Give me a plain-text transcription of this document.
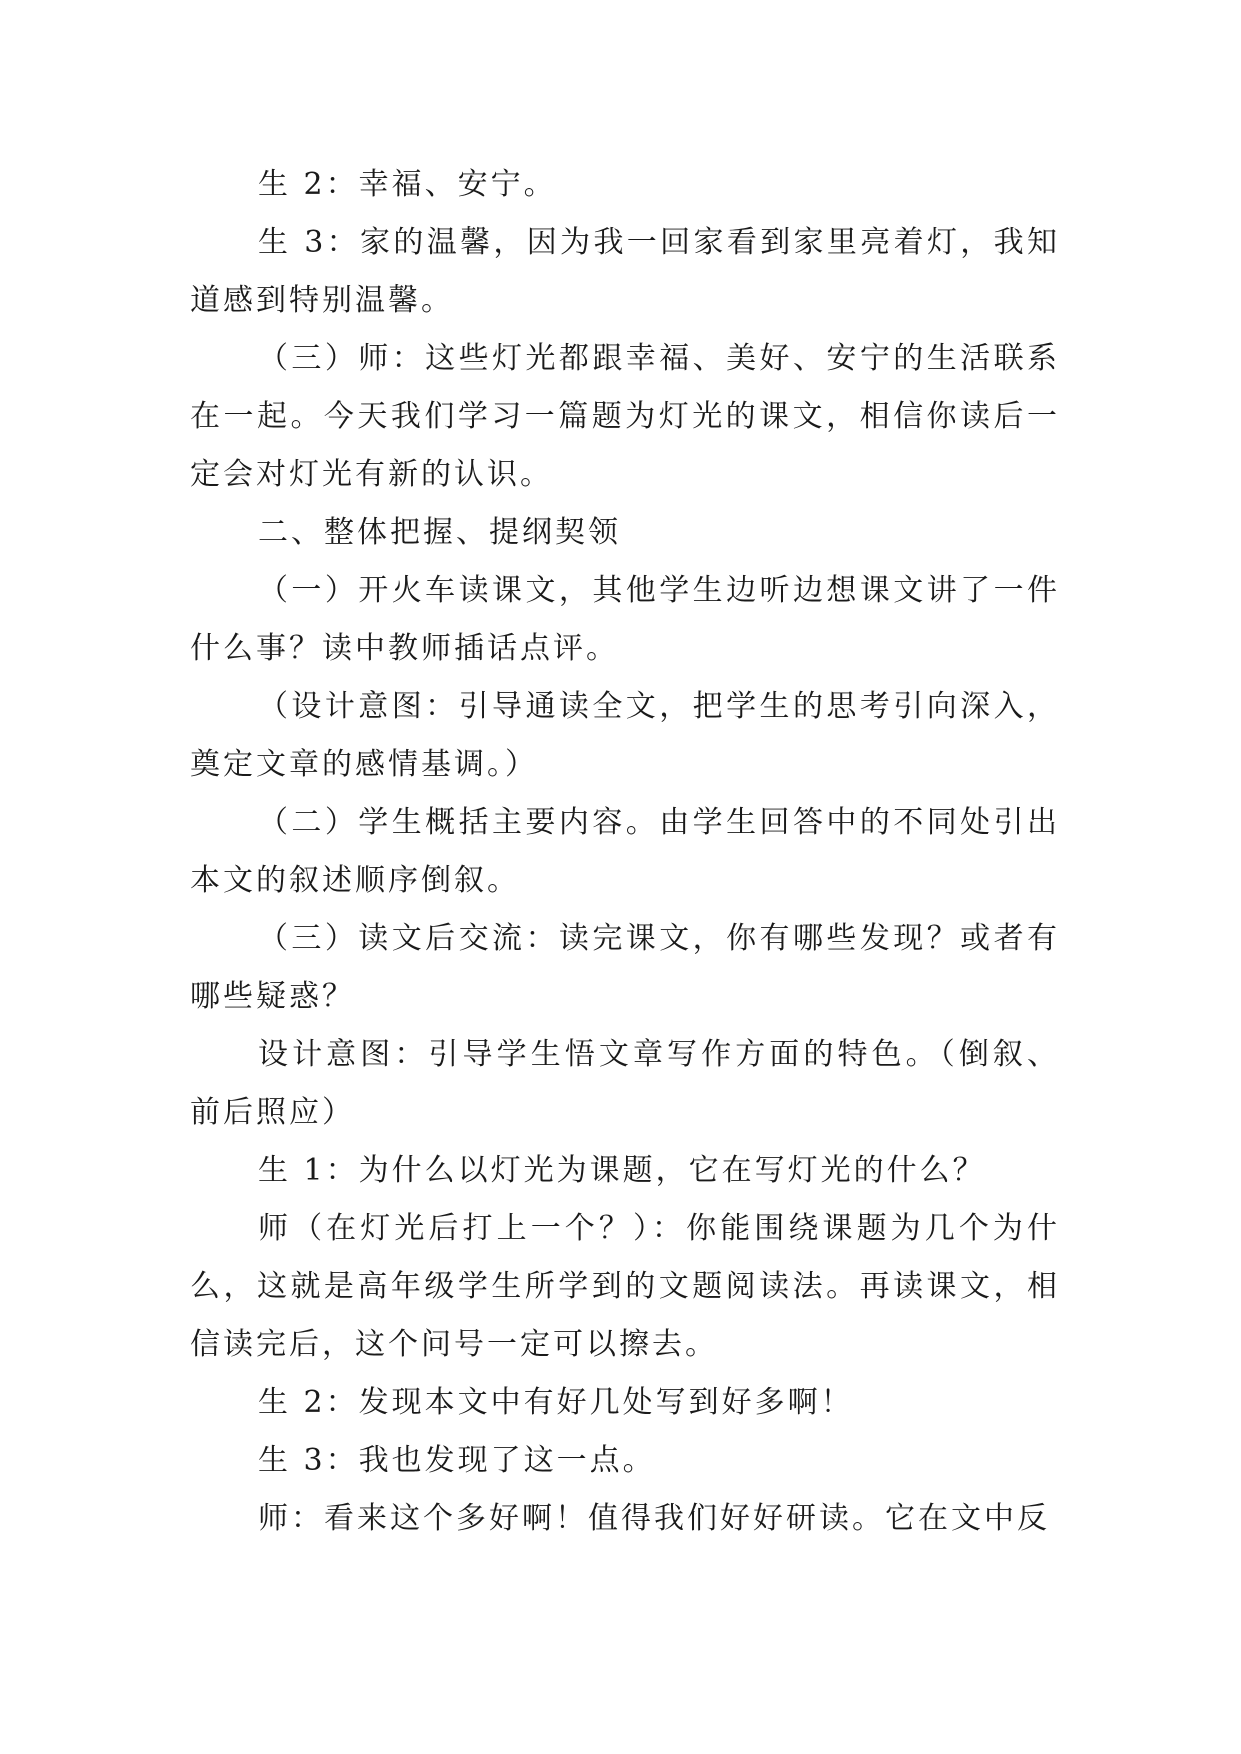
生 2：幸福、安宁。

生 3：家的温馨，因为我一回家看到家里亮着灯，我知道感到特别温馨。

（三）师：这些灯光都跟幸福、美好、安宁的生活联系在一起。今天我们学习一篇题为灯光的课文，相信你读后一定会对灯光有新的认识。

二、整体把握、提纲契领

（一）开火车读课文，其他学生边听边想课文讲了一件什么事？读中教师插话点评。

（设计意图：引导通读全文，把学生的思考引向深入，奠定文章的感情基调。）

（二）学生概括主要内容。由学生回答中的不同处引出本文的叙述顺序倒叙。

（三）读文后交流：读完课文，你有哪些发现？或者有哪些疑惑？

设计意图：引导学生悟文章写作方面的特色。（倒叙、前后照应）

生 1：为什么以灯光为课题，它在写灯光的什么？

师（在灯光后打上一个？）：你能围绕课题为几个为什么，这就是高年级学生所学到的文题阅读法。再读课文，相信读完后，这个问号一定可以擦去。

生 2：发现本文中有好几处写到好多啊！

生 3：我也发现了这一点。

师：看来这个多好啊！值得我们好好研读。它在文中反
